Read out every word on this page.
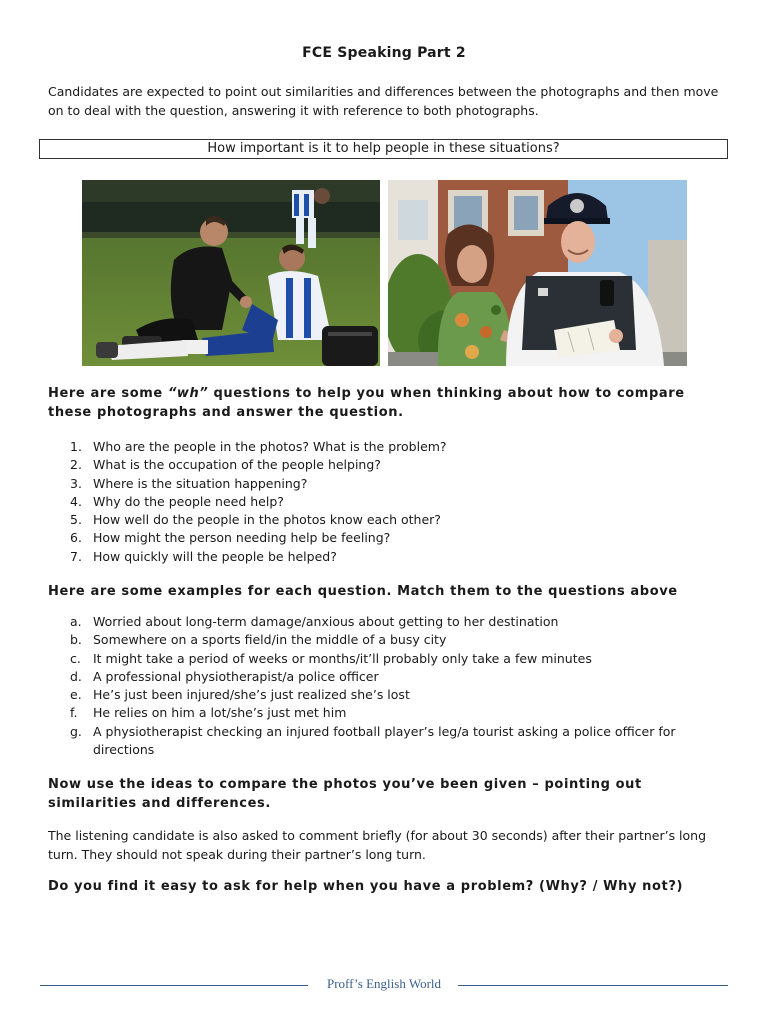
FCE Speaking Part 2
Candidates are expected to point out similarities and differences between the photographs and then move on to deal with the question, answering it with reference to both photographs.
How important is it to help people in these situations?
Here are some “wh” questions to help you when thinking about how to compare these photographs and answer the question.
1. Who are the people in the photos? What is the problem?
2. What is the occupation of the people helping?
3. Where is the situation happening?
4. Why do the people need help?
5. How well do the people in the photos know each other?
6. How might the person needing help be feeling?
7. How quickly will the people be helped?
Here are some examples for each question. Match them to the questions above
a. Worried about long-term damage/anxious about getting to her destination
b. Somewhere on a sports field/in the middle of a busy city
c. It might take a period of weeks or months/it’ll probably only take a few minutes
d. A professional physiotherapist/a police officer
e. He’s just been injured/she’s just realized she’s lost
f. He relies on him a lot/she’s just met him
g. A physiotherapist checking an injured football player’s leg/a tourist asking a police officer for directions
Now use the ideas to compare the photos you’ve been given – pointing out similarities and differences.
The listening candidate is also asked to comment briefly (for about 30 seconds) after their partner’s long turn. They should not speak during their partner’s long turn.
Do you find it easy to ask for help when you have a problem? (Why? / Why not?)
Proff’s English World
